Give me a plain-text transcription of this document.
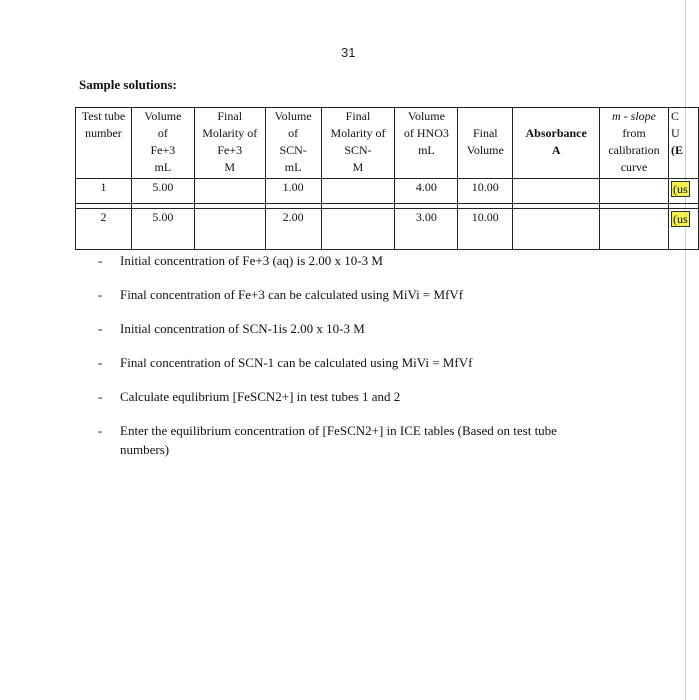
31
Sample solutions:
Test tube
number	Volume
of
Fe+3
mL	Final
Molarity of
Fe+3
M	Volume
of
SCN-
mL	Final
Molarity of
SCN-
M	Volume
of HNO3
mL	Final
Volume	Absorbance
A	m - slope
from
calibration
curve	C
U
(E
1	5.00		1.00		4.00	10.00			(us

2	5.00		2.00		3.00	10.00			(us
- Initial concentration of Fe+3 (aq) is 2.00 x 10-3 M
- Final concentration of Fe+3 can be calculated using MiVi = MfVf
- Initial concentration of SCN-1is 2.00 x 10-3 M
- Final concentration of SCN-1 can be calculated using MiVi = MfVf
- Calculate equlibrium [FeSCN2+] in test tubes 1 and 2
- Enter the equilibrium concentration of [FeSCN2+] in ICE tables (Based on test tube numbers)
